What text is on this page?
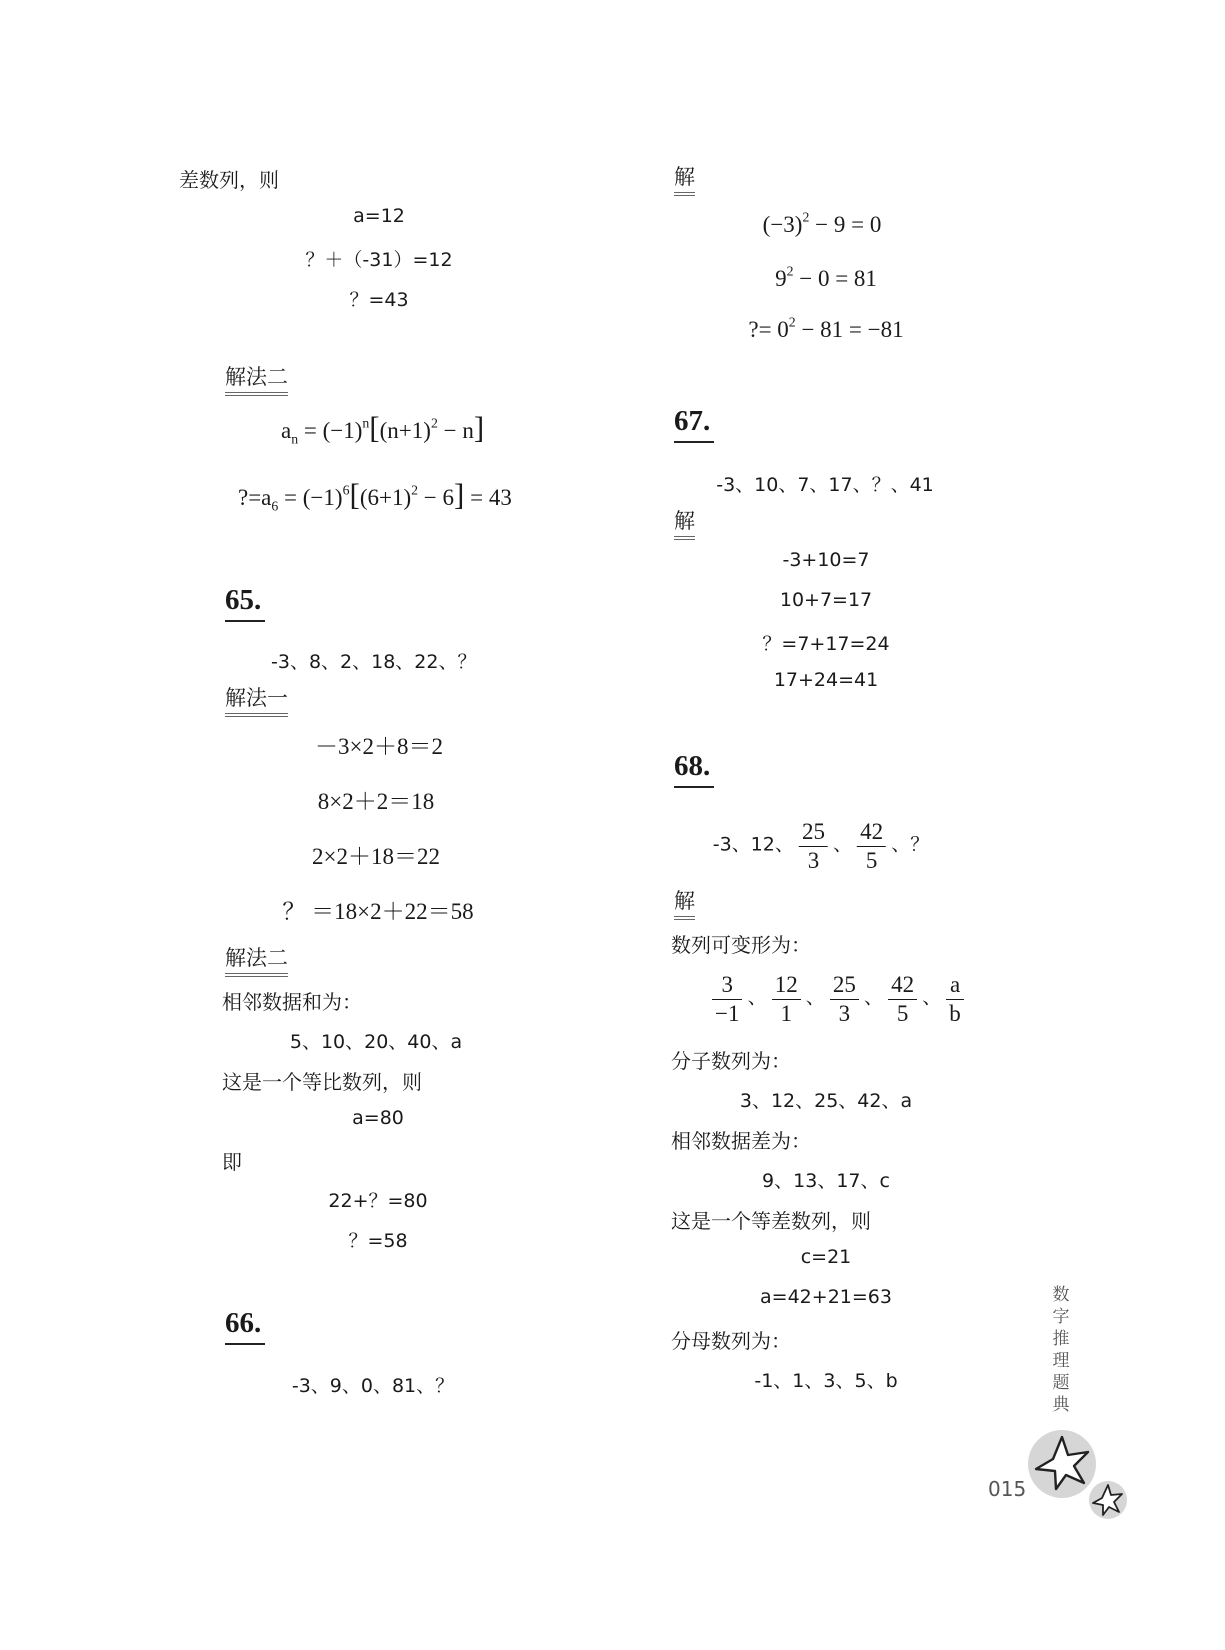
差数列，则
a=12
？＋（-31）=12
？=43
解法二
$a_n = (-1)^n[(n+1)^2 - n]$
$?=a_6 = (-1)^6[(6+1)^2 - 6] = 43$
65.
-3、8、2、18、22、？
解法一
－3×2＋8＝2
8×2＋2＝18
2×2＋18＝22
？ ＝18×2＋22＝58
解法二
相邻数据和为：
5、10、20、40、a
这是一个等比数列，则
a=80
即
22+？=80
？=58
66.
-3、9、0、81、？
解
$(-3)^2 - 9 = 0$
$9^2 - 0 = 81$
?= $0^2 - 81 = -81$
67.
-3、10、7、17、？、41
解
-3+10=7
10+7=17
？=7+17=24
17+24=41
68.
-3、12、 $\frac{25}{3}$ 、 $\frac{42}{5}$ 、？
解
数列可变形为：
$\frac{3}{-1}$ 、 $\frac{12}{1}$ 、 $\frac{25}{3}$ 、 $\frac{42}{5}$ 、 $\frac{a}{b}$
分子数列为：
3、12、25、42、a
相邻数据差为：
9、13、17、c
这是一个等差数列，则
c=21
a=42+21=63
分母数列为：
-1、1、3、5、b
数字推理题典
015
